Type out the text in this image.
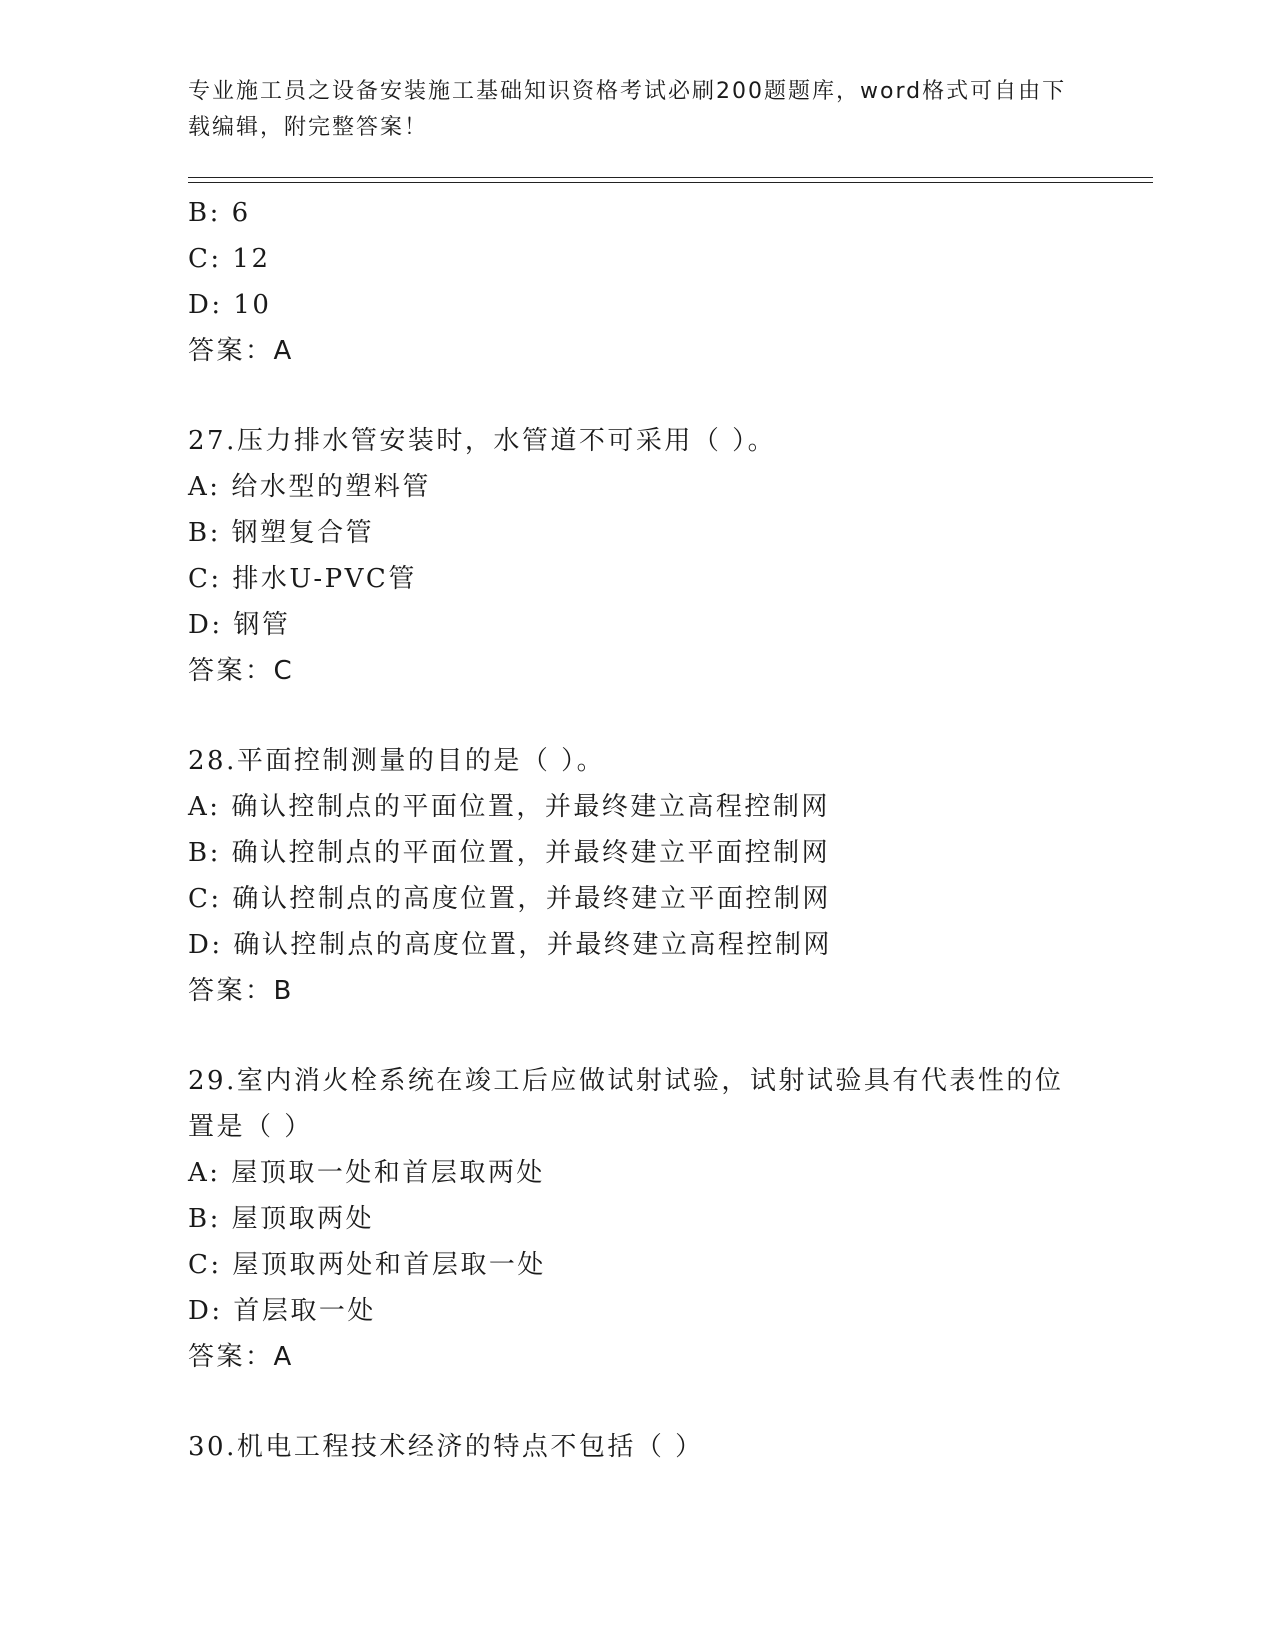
专业施工员之设备安装施工基础知识资格考试必刷200题题库，word格式可自由下载编辑，附完整答案！
B: 6
C: 12
D: 10
答案：A
27.压力排水管安装时，水管道不可采用（ ）。
A: 给水型的塑料管
B: 钢塑复合管
C: 排水U-PVC管
D: 钢管
答案：C
28.平面控制测量的目的是（ ）。
A: 确认控制点的平面位置，并最终建立高程控制网
B: 确认控制点的平面位置，并最终建立平面控制网
C: 确认控制点的高度位置，并最终建立平面控制网
D: 确认控制点的高度位置，并最终建立高程控制网
答案：B
29.室内消火栓系统在竣工后应做试射试验，试射试验具有代表性的位置是（ ）
A: 屋顶取一处和首层取两处
B: 屋顶取两处
C: 屋顶取两处和首层取一处
D: 首层取一处
答案：A
30.机电工程技术经济的特点不包括（ ）
